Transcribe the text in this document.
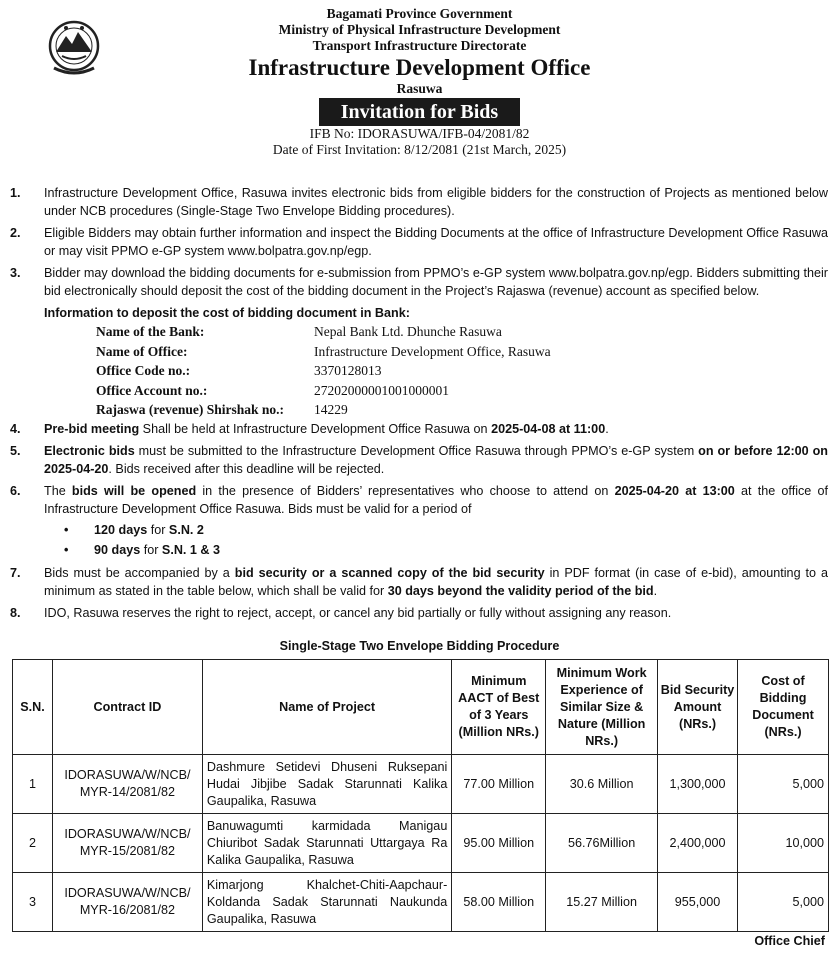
Bagamati Province Government
Ministry of Physical Infrastructure Development
Transport Infrastructure Directorate
Infrastructure Development Office
Rasuwa
Invitation for Bids
IFB No: IDORASUWA/IFB-04/2081/82
Date of First Invitation: 8/12/2081 (21st March, 2025)
1.	Infrastructure Development Office, Rasuwa invites electronic bids from eligible bidders for the construction of Projects as mentioned below under NCB procedures (Single-Stage Two Envelope Bidding procedures).
2.	Eligible Bidders may obtain further information and inspect the Bidding Documents at the office of Infrastructure Development Office Rasuwa or may visit PPMO e-GP system www.bolpatra.gov.np/egp.
3.	Bidder may download the bidding documents for e-submission from PPMO’s e-GP system www.bolpatra.gov.np/egp. Bidders submitting their bid electronically should deposit the cost of the bidding document in the Project’s Rajaswa (revenue) account as specified below.
Information to deposit the cost of bidding document in Bank:
Name of the Bank:	Nepal Bank Ltd. Dhunche Rasuwa
Name of Office:	Infrastructure Development Office, Rasuwa
Office Code no.:	3370128013
Office Account no.:	27202000001001000001
Rajaswa (revenue) Shirshak no.:	14229
4.	Pre-bid meeting Shall be held at Infrastructure Development Office Rasuwa on 2025-04-08 at 11:00.
5.	Electronic bids must be submitted to the Infrastructure Development Office Rasuwa through PPMO’s e-GP system on or before 12:00 on 2025-04-20. Bids received after this deadline will be rejected.
6.	The bids will be opened in the presence of Bidders’ representatives who choose to attend on 2025-04-20 at 13:00 at the office of Infrastructure Development Office Rasuwa. Bids must be valid for a period of
•	120 days for S.N. 2
•	90 days for S.N. 1 & 3
7.	Bids must be accompanied by a bid security or a scanned copy of the bid security in PDF format (in case of e-bid), amounting to a minimum as stated in the table below, which shall be valid for 30 days beyond the validity period of the bid.
8.	IDO, Rasuwa reserves the right to reject, accept, or cancel any bid partially or fully without assigning any reason.
Single-Stage Two Envelope Bidding Procedure
S.N.	Contract ID	Name of Project	Minimum AACT of Best of 3 Years (Million NRs.)	Minimum Work Experience of Similar Size & Nature (Million NRs.)	Bid Security Amount (NRs.)	Cost of Bidding Document (NRs.)
1	IDORASUWA/W/NCB/ MYR-14/2081/82	Dashmure Setidevi Dhuseni Ruksepani Hudai Jibjibe Sadak Starunnati Kalika Gaupalika, Rasuwa	77.00 Million	30.6 Million	1,300,000	5,000
2	IDORASUWA/W/NCB/ MYR-15/2081/82	Banuwagumti karmidada Manigau Chiuribot Sadak Starunnati Uttargaya Ra Kalika Gaupalika, Rasuwa	95.00 Million	56.76Million	2,400,000	10,000
3	IDORASUWA/W/NCB/ MYR-16/2081/82	Kimarjong Khalchet-Chiti-Aapchaur-Koldanda Sadak Starunnati Naukunda Gaupalika, Rasuwa	58.00 Million	15.27 Million	955,000	5,000
Office Chief
